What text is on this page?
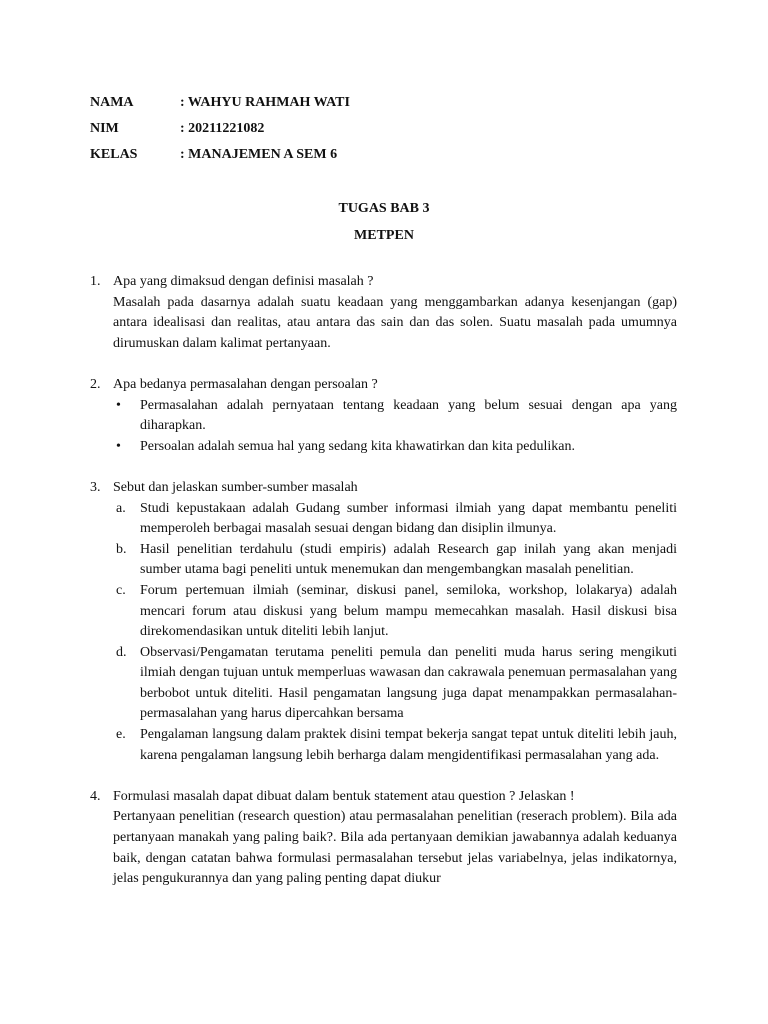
NAMA	: WAHYU RAHMAH WATI
NIM	: 20211221082
KELAS	: MANAJEMEN A SEM 6
TUGAS BAB 3
METPEN
1. Apa yang dimaksud dengan definisi masalah ?
Masalah pada dasarnya adalah suatu keadaan yang menggambarkan adanya kesenjangan (gap) antara idealisasi dan realitas, atau antara das sain dan das solen. Suatu masalah pada umumnya dirumuskan dalam kalimat pertanyaan.
2. Apa bedanya permasalahan dengan persoalan ?
• Permasalahan adalah pernyataan tentang keadaan yang belum sesuai dengan apa yang diharapkan.
• Persoalan adalah semua hal yang sedang kita khawatirkan dan kita pedulikan.
3. Sebut dan jelaskan sumber-sumber masalah
a. Studi kepustakaan adalah Gudang sumber informasi ilmiah yang dapat membantu peneliti memperoleh berbagai masalah sesuai dengan bidang dan disiplin ilmunya.
b. Hasil penelitian terdahulu (studi empiris) adalah Research gap inilah yang akan menjadi sumber utama bagi peneliti untuk menemukan dan mengembangkan masalah penelitian.
c. Forum pertemuan ilmiah (seminar, diskusi panel, semiloka, workshop, lolakarya) adalah mencari forum atau diskusi yang belum mampu memecahkan masalah. Hasil diskusi bisa direkomendasikan untuk diteliti lebih lanjut.
d. Observasi/Pengamatan terutama peneliti pemula dan peneliti muda harus sering mengikuti ilmiah dengan tujuan untuk memperluas wawasan dan cakrawala penemuan permasalahan yang berbobot untuk diteliti. Hasil pengamatan langsung juga dapat menampakkan permasalahan-permasalahan yang harus dipercahkan bersama
e. Pengalaman langsung dalam praktek disini tempat bekerja sangat tepat untuk diteliti lebih jauh, karena pengalaman langsung lebih berharga dalam mengidentifikasi permasalahan yang ada.
4. Formulasi masalah dapat dibuat dalam bentuk statement atau question ? Jelaskan !
Pertanyaan penelitian (research question) atau permasalahan penelitian (reserach problem). Bila ada pertanyaan manakah yang paling baik?. Bila ada pertanyaan demikian jawabannya adalah keduanya baik, dengan catatan bahwa formulasi permasalahan tersebut jelas variabelnya, jelas indikatornya, jelas pengukurannya dan yang paling penting dapat diukur
